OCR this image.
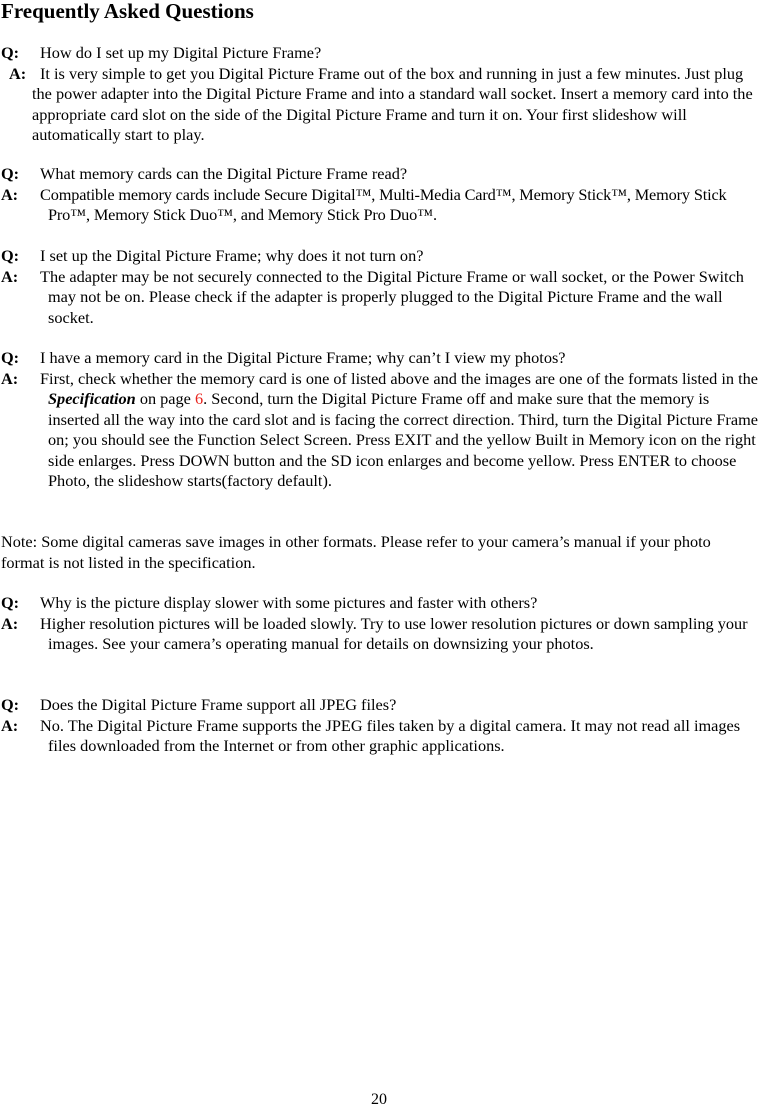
Frequently Asked Questions
Q: How do I set up my Digital Picture Frame?
A: It is very simple to get you Digital Picture Frame out of the box and running in just a few minutes. Just plug the power adapter into the Digital Picture Frame and into a standard wall socket. Insert a memory card into the appropriate card slot on the side of the Digital Picture Frame and turn it on. Your first slideshow will automatically start to play.
Q: What memory cards can the Digital Picture Frame read?
A: Compatible memory cards include Secure Digital™, Multi-Media Card™, Memory Stick™, Memory Stick Pro™, Memory Stick Duo™, and Memory Stick Pro Duo™.
Q: I set up the Digital Picture Frame; why does it not turn on?
A: The adapter may be not securely connected to the Digital Picture Frame or wall socket, or the Power Switch may not be on. Please check if the adapter is properly plugged to the Digital Picture Frame and the wall socket.
Q: I have a memory card in the Digital Picture Frame; why can’t I view my photos?
A: First, check whether the memory card is one of listed above and the images are one of the formats listed in the Specification on page 6. Second, turn the Digital Picture Frame off and make sure that the memory is inserted all the way into the card slot and is facing the correct direction. Third, turn the Digital Picture Frame on; you should see the Function Select Screen. Press EXIT and the yellow Built in Memory icon on the right side enlarges. Press DOWN button and the SD icon enlarges and become yellow. Press ENTER to choose Photo, the slideshow starts(factory default).
Note: Some digital cameras save images in other formats. Please refer to your camera’s manual if your photo format is not listed in the specification.
Q: Why is the picture display slower with some pictures and faster with others?
A: Higher resolution pictures will be loaded slowly. Try to use lower resolution pictures or down sampling your images. See your camera’s operating manual for details on downsizing your photos.
Q: Does the Digital Picture Frame support all JPEG files?
A: No. The Digital Picture Frame supports the JPEG files taken by a digital camera. It may not read all images files downloaded from the Internet or from other graphic applications.
20
